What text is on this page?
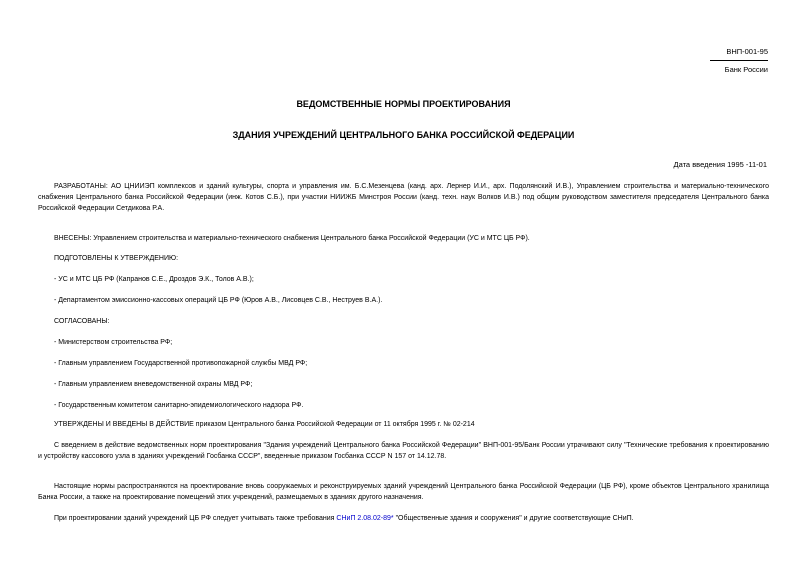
ВНП-001-95
Банк России
ВЕДОМСТВЕННЫЕ НОРМЫ ПРОЕКТИРОВАНИЯ
ЗДАНИЯ УЧРЕЖДЕНИЙ ЦЕНТРАЛЬНОГО БАНКА РОССИЙСКОЙ ФЕДЕРАЦИИ
Дата введения 1995 -11-01
РАЗРАБОТАНЫ: АО ЦНИИЭП комплексов и зданий культуры, спорта и управления им. Б.С.Мезенцева (канд. арх. Лернер И.И., арх. Подолянский И.В.), Управлением строительства и материально-технического снабжения Центрального банка Российской Федерации (инж. Котов С.Б.), при участии НИИЖБ Минстроя России (канд. техн. наук Волков И.В.) под общим руководством заместителя председателя Центрального банка Российской Федерации Сетдикова Р.А.
ВНЕСЕНЫ: Управлением строительства и материально-технического снабжения Центрального банка Российской Федерации (УС и МТС ЦБ РФ).
ПОДГОТОВЛЕНЫ К УТВЕРЖДЕНИЮ:
- УС и МТС ЦБ РФ (Капранов С.Е., Дроздов Э.К., Толов А.В.);
- Департаментом эмиссионно-кассовых операций ЦБ РФ (Юров А.В., Лисовцев С.В., Неструев В.А.).
СОГЛАСОВАНЫ:
- Министерством строительства РФ;
- Главным управлением Государственной противопожарной службы МВД РФ;
- Главным управлением вневедомственной охраны МВД РФ;
- Государственным комитетом санитарно-эпидемиологического надзора РФ.
УТВЕРЖДЕНЫ И ВВЕДЕНЫ В ДЕЙСТВИЕ приказом Центрального банка Российской Федерации от 11 октября 1995 г. № 02-214
С введением в действие ведомственных норм проектирования "Здания учреждений Центрального банка Российской Федерации" ВНП-001-95/Банк России утрачивают силу "Технические требования к проектированию и устройству кассового узла в зданиях учреждений Госбанка СССР", введенные приказом Госбанка СССР N 157 от 14.12.78.
Настоящие нормы распространяются на проектирование вновь сооружаемых и реконструируемых зданий учреждений Центрального банка Российской Федерации (ЦБ РФ), кроме объектов Центрального хранилища Банка России, а также на проектирование помещений этих учреждений, размещаемых в зданиях другого назначения.
При проектировании зданий учреждений ЦБ РФ следует учитывать также требования СНиП 2.08.02-89* "Общественные здания и сооружения" и другие соответствующие СНиП.
